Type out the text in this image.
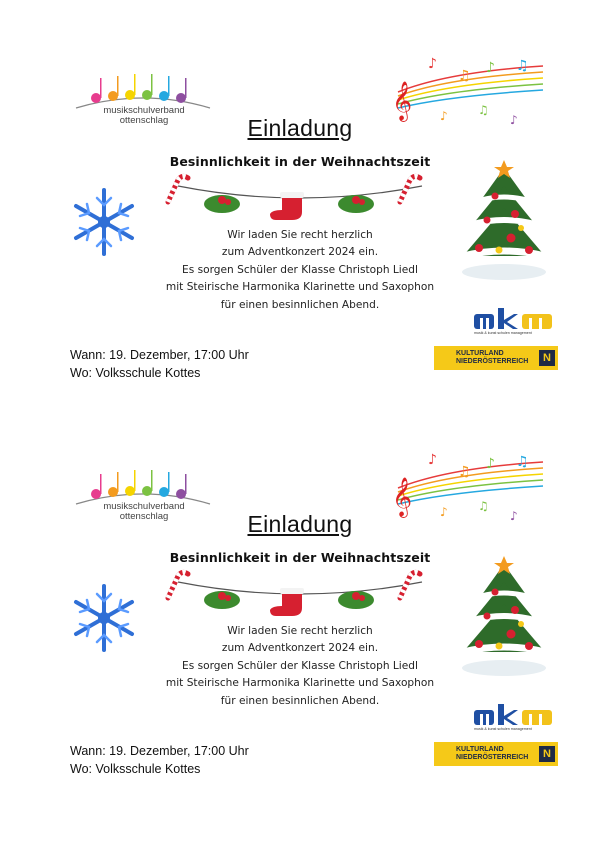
musikschulverband
ottenschlag	𝄞
♪
♫ ♪ ♫
♪	♫
♪
Einladung
Besinnlichkeit in der Weihnachtszeit
Wir laden Sie recht herzlich
zum Adventkonzert 2024 ein.
Es sorgen Schüler der Klasse Christoph Liedl
mit Steirische Harmonika Klarinette und Saxophon
für einen besinnlichen Abend.
musik & kunst schulen management
KULTURLAND
NIEDERÖSTERREICH	N
Wann: 19. Dezember, 17:00 Uhr
Wo: Volksschule Kottes
musikschulverband
ottenschlag	𝄞
♪
♫ ♪ ♫
♪	♫
♪
Einladung
Besinnlichkeit in der Weihnachtszeit
Wir laden Sie recht herzlich
zum Adventkonzert 2024 ein.
Es sorgen Schüler der Klasse Christoph Liedl
mit Steirische Harmonika Klarinette und Saxophon
für einen besinnlichen Abend.
musik & kunst schulen management
KULTURLAND
NIEDERÖSTERREICH	N
Wann: 19. Dezember, 17:00 Uhr
Wo: Volksschule Kottes
